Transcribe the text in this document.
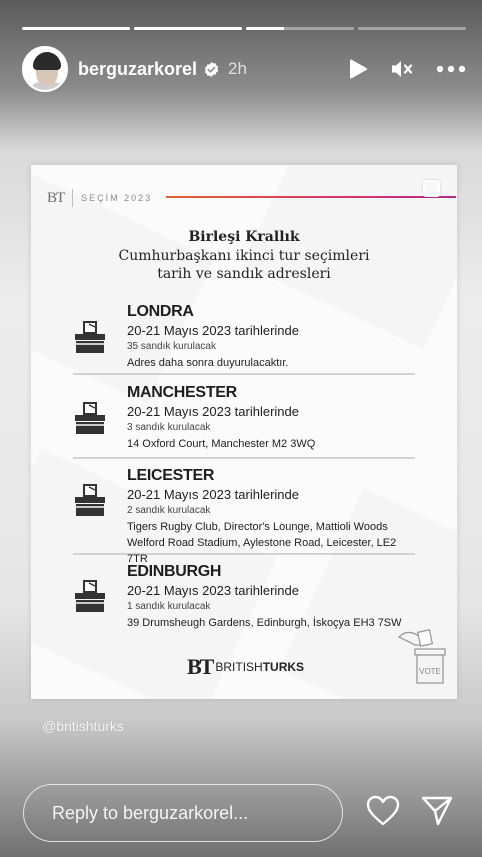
berguzarkorel 2h
BT SEÇİM 2023
Birleşi Krallık
Cumhurbaşkanı ikinci tur seçimleri
tarih ve sandık adresleri
LONDRA
20-21 Mayıs 2023 tarihlerinde
35 sandık kurulacak
Adres daha sonra duyurulacaktır.
MANCHESTER
20-21 Mayıs 2023 tarihlerinde
3 sandık kurulacak
14 Oxford Court, Manchester M2 3WQ
LEICESTER
20-21 Mayıs 2023 tarihlerinde
2 sandık kurulacak
Tigers Rugby Club, Director's Lounge, Mattioli Woods Welford Road Stadium, Aylestone Road, Leicester, LE2 7TR
EDINBURGH
20-21 Mayıs 2023 tarihlerinde
1 sandık kurulacak
39 Drumsheugh Gardens, Edinburgh, İskoçya EH3 7SW
BT BRITISHTURKS	VOTE
@britishturks
Reply to berguzarkorel...
